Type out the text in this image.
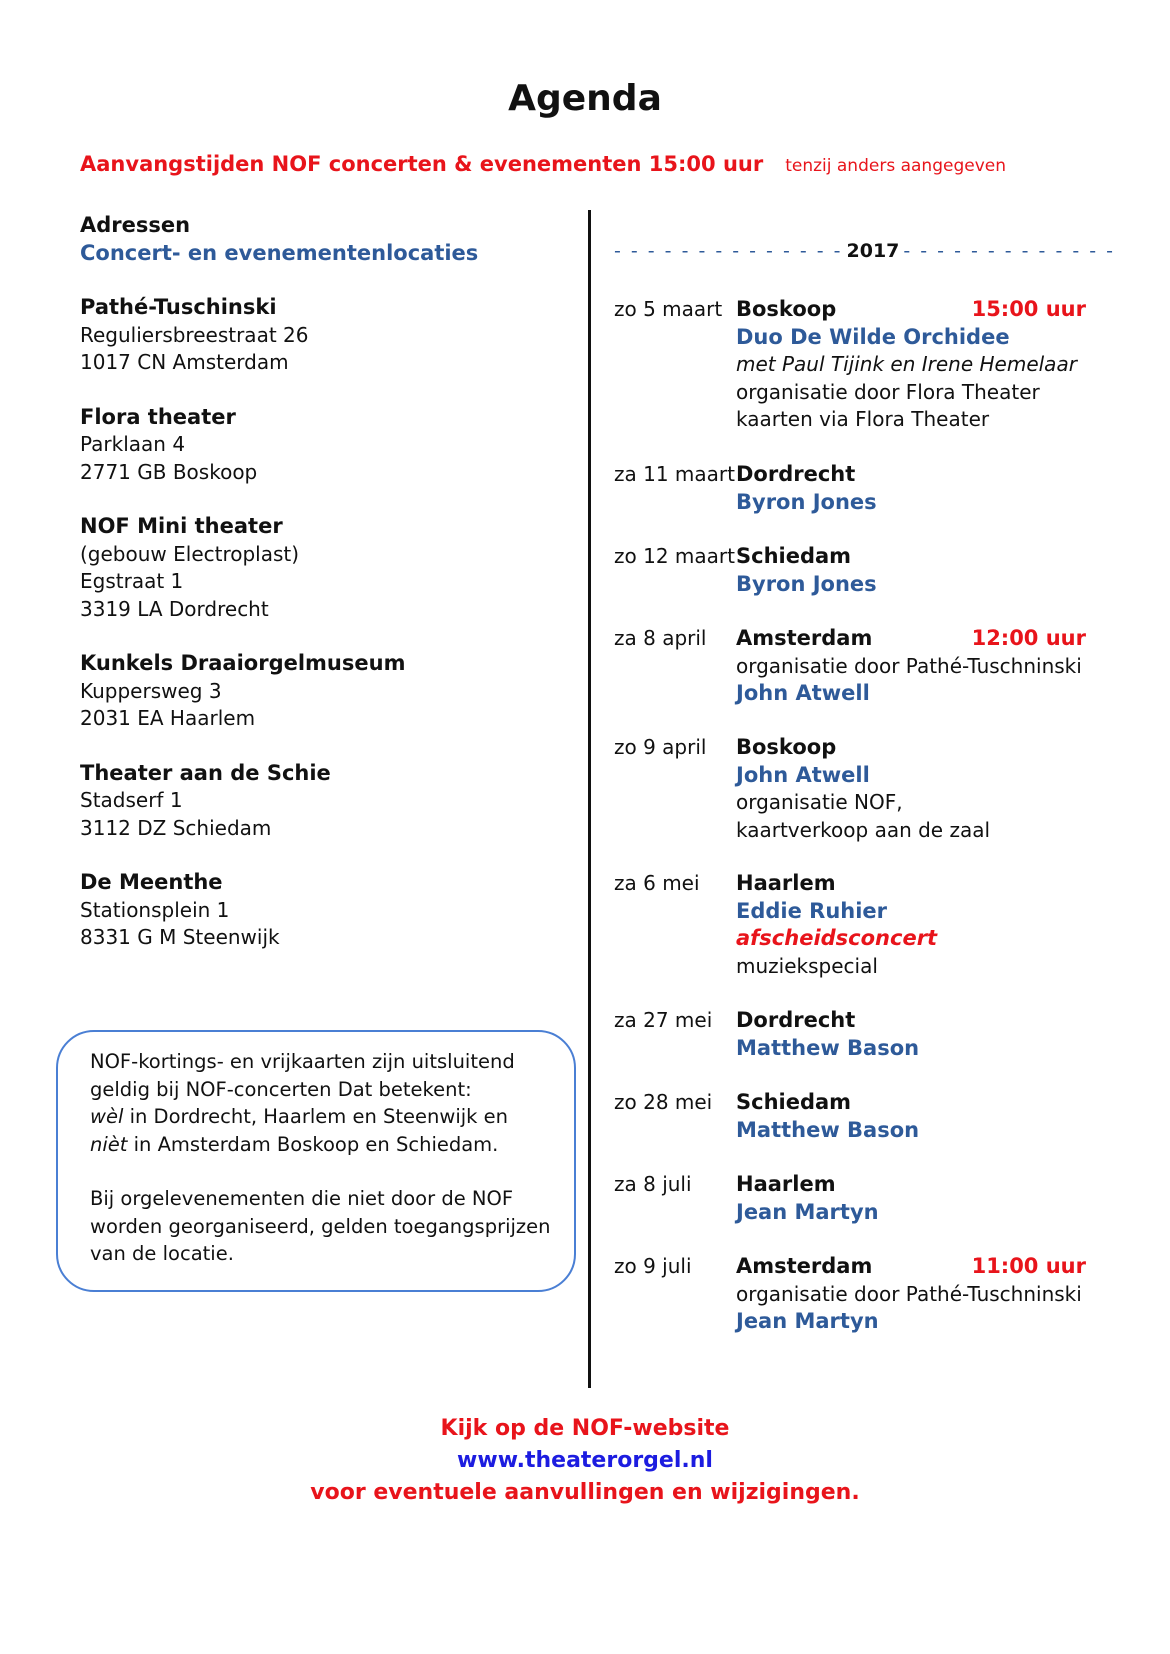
Agenda
Aanvangstijden NOF concerten & evenementen 15:00 uur tenzij anders aangegeven
Adressen
Concert- en evenementenlocaties
Pathé-Tuschinski
Reguliersbreestraat 26
1017 CN Amsterdam
Flora theater
Parklaan 4
2771 GB Boskoop
NOF Mini theater
(gebouw Electroplast)
Egstraat 1
3319 LA Dordrecht
Kunkels Draaiorgelmuseum
Kuppersweg 3
2031 EA Haarlem
Theater aan de Schie
Stadserf 1
3112 DZ Schiedam
De Meenthe
Stationsplein 1
8331 G M Steenwijk

NOF-kortings- en vrijkaarten zijn uitsluitend geldig bij NOF-concerten Dat betekent:
wèl in Dordrecht, Haarlem en Steenwijk en
nièt in Amsterdam Boskoop en Schiedam.

Bij orgelevenementen die niet door de NOF worden georganiseerd, gelden toegangsprijzen van de locatie.

- - - - - - - - - - - - - - 2017 - - - - - - - - - - - - -
zo 5 maart Boskoop	15:00 uur
Duo De Wilde Orchidee
met Paul Tijink en Irene Hemelaar
organisatie door Flora Theater
kaarten via Flora Theater
za 11 maart Dordrecht
Byron Jones
zo 12 maart Schiedam
Byron Jones
za 8 april	Amsterdam	12:00 uur
organisatie door Pathé-Tuschninski
John Atwell
zo 9 april	Boskoop
John Atwell
organisatie NOF,
kaartverkoop aan de zaal
za 6 mei	Haarlem
Eddie Ruhier
afscheidsconcert
muziekspecial
za 27 mei	Dordrecht
Matthew Bason
zo 28 mei	Schiedam
Matthew Bason
za 8 juli	Haarlem
Jean Martyn
zo 9 juli	Amsterdam	11:00 uur
organisatie door Pathé-Tuschninski
Jean Martyn
Kijk op de NOF-website
www.theaterorgel.nl
voor eventuele aanvullingen en wijzigingen.
